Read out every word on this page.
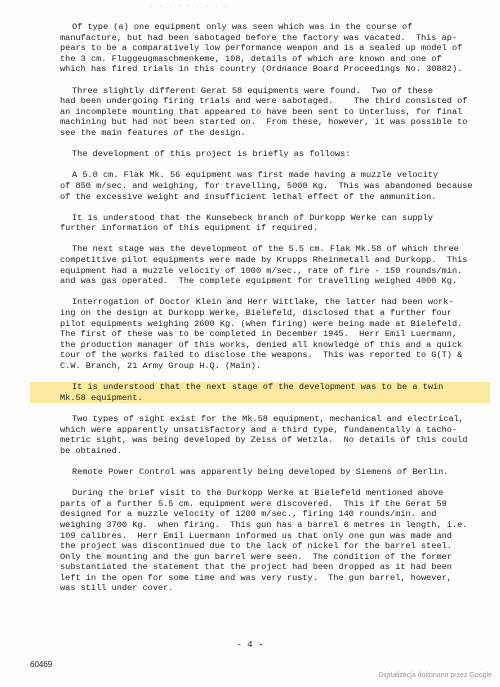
· · · · · · · · ·
Of type (a) one equipment only was seen which was in the course of
manufacture, but had been sabotaged before the factory was vacated.  This ap-
pears to be a comparatively low performance weapon and is a sealed up model of
the 3 cm. Fluggeugmaschmenkeme, 108, details of which are known and one of
which has fired trials in this country (Ordnance Board Proceedings No. 30882).
Three slightly different Gerat 58 equipments were found.  Two of these
had been undergoing firing trials and were sabotaged.    The third consisted of
an incomplete mounting that appeared to have been sent to Unterluss, for final
machining but had not been started on.  From these, however, it was possible to
see the main features of the design.
The development of this project is briefly as follows:
A 5.0 cm. Flak Mk. 56 equipment was first made having a muzzle velocity
of 850 m/sec. and weighing, for travelling, 5000 Kg.  This was abandoned because
of the excessive weight and insufficient lethal effect of the ammunition.
It is understood that the Kunsebeck branch of Durkopp Werke can supply
further information of this equipment if required.
The next stage was the development of the 5.5 cm. Flak Mk.58 of which three
competitive pilot equipments were made by Krupps Rheinmetall and Durkopp.  This
equipment had a muzzle velocity of 1000 m/sec., rate of fire - 150 rounds/min.
and was gas operated.  The complete equipment for travelling weighed 4000 Kg.
Interrogation of Doctor Klein and Herr Wittlake, the latter had been work-
ing on the design at Durkopp Werke, Bielefeld, disclosed that a further four
pilot equipments weighing 2600 Kg. (when firing) were being made at Bielefeld.
The first of these was to be completed in December 1945.  Herr Emil Luermann,
the production manager of this works, denied all knowledge of this and a quick
tour of the works failed to disclose the weapons.  This was reported to G(T) &
C.W. Branch, 21 Army Group H.Q. (Main).
It is understood that the next stage of the development was to be a twin
Mk.58 equipment.
Two types of sight exist for the Mk.58 equipment, mechanical and electrical,
which were apparently unsatisfactory and a third type, fundamentally a tacho-
metric sight, was being developed by Zeiss of Wetzla.  No details of this could
be obtained.
Remote Power Control was apparently being developed by Siemens of Berlin.
During the brief visit to the Durkopp Werke at Bielefeld mentioned above
parts of a further 5.5 cm. equipment were discovered.  This if the Gerat 59
designed for a muzzle velocity of 1200 m/sec., firing 140 rounds/min. and
weighing 3700 Kg.  when firing.  This gun has a barrel 6 metres in length, i.e.
109 calibres.  Herr Emil Luermann informed us that only one gun was made and
the project was discontinued due to the lack of nickel for the barrel steel.
Only the mounting and the gun barrel were seen.  The condition of the former
substantiated the statement that the project had been dropped as it had been
left in the open for some time and was very rusty.  The gun barrel, however,
was still under cover.
- 4 -
60469
Digitalizacja dokonana przez Google
